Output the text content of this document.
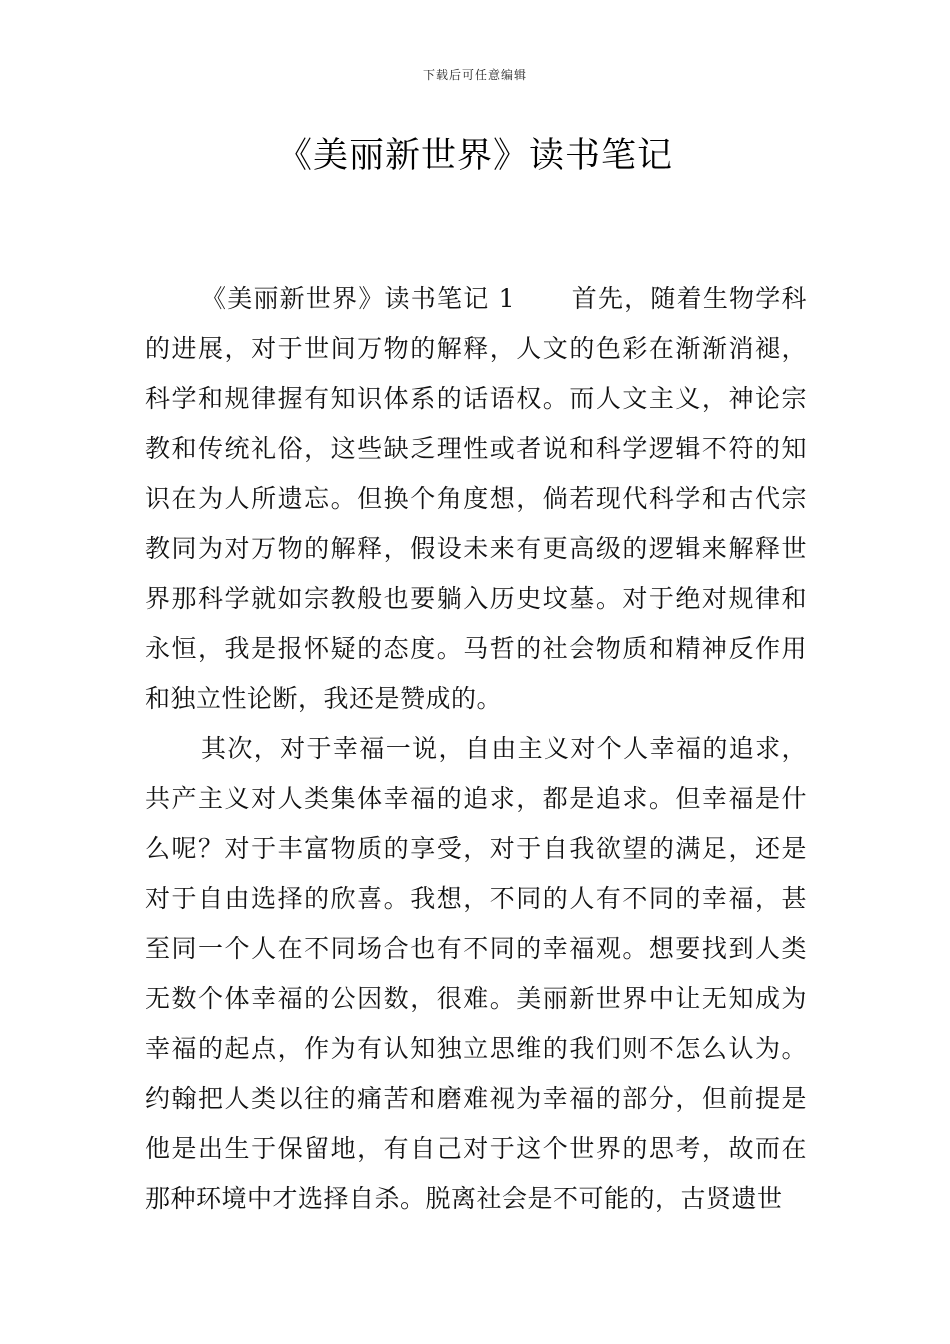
下载后可任意编辑
《美丽新世界》读书笔记

《美丽新世界》读书笔记 1 首先，随着生物学科的进展，对于世间万物的解释，人文的色彩在渐渐消褪，科学和规律握有知识体系的话语权。而人文主义，神论宗教和传统礼俗，这些缺乏理性或者说和科学逻辑不符的知识在为人所遗忘。但换个角度想，倘若现代科学和古代宗教同为对万物的解释，假设未来有更高级的逻辑来解释世界那科学就如宗教般也要躺入历史坟墓。对于绝对规律和永恒，我是报怀疑的态度。马哲的社会物质和精神反作用和独立性论断，我还是赞成的。

其次，对于幸福一说，自由主义对个人幸福的追求，共产主义对人类集体幸福的追求，都是追求。但幸福是什么呢？对于丰富物质的享受，对于自我欲望的满足，还是对于自由选择的欣喜。我想，不同的人有不同的幸福，甚至同一个人在不同场合也有不同的幸福观。想要找到人类无数个体幸福的公因数，很难。美丽新世界中让无知成为幸福的起点，作为有认知独立思维的我们则不怎么认为。约翰把人类以往的痛苦和磨难视为幸福的部分，但前提是他是出生于保留地，有自己对于这个世界的思考，故而在那种环境中才选择自杀。脱离社会是不可能的，古贤遗世
